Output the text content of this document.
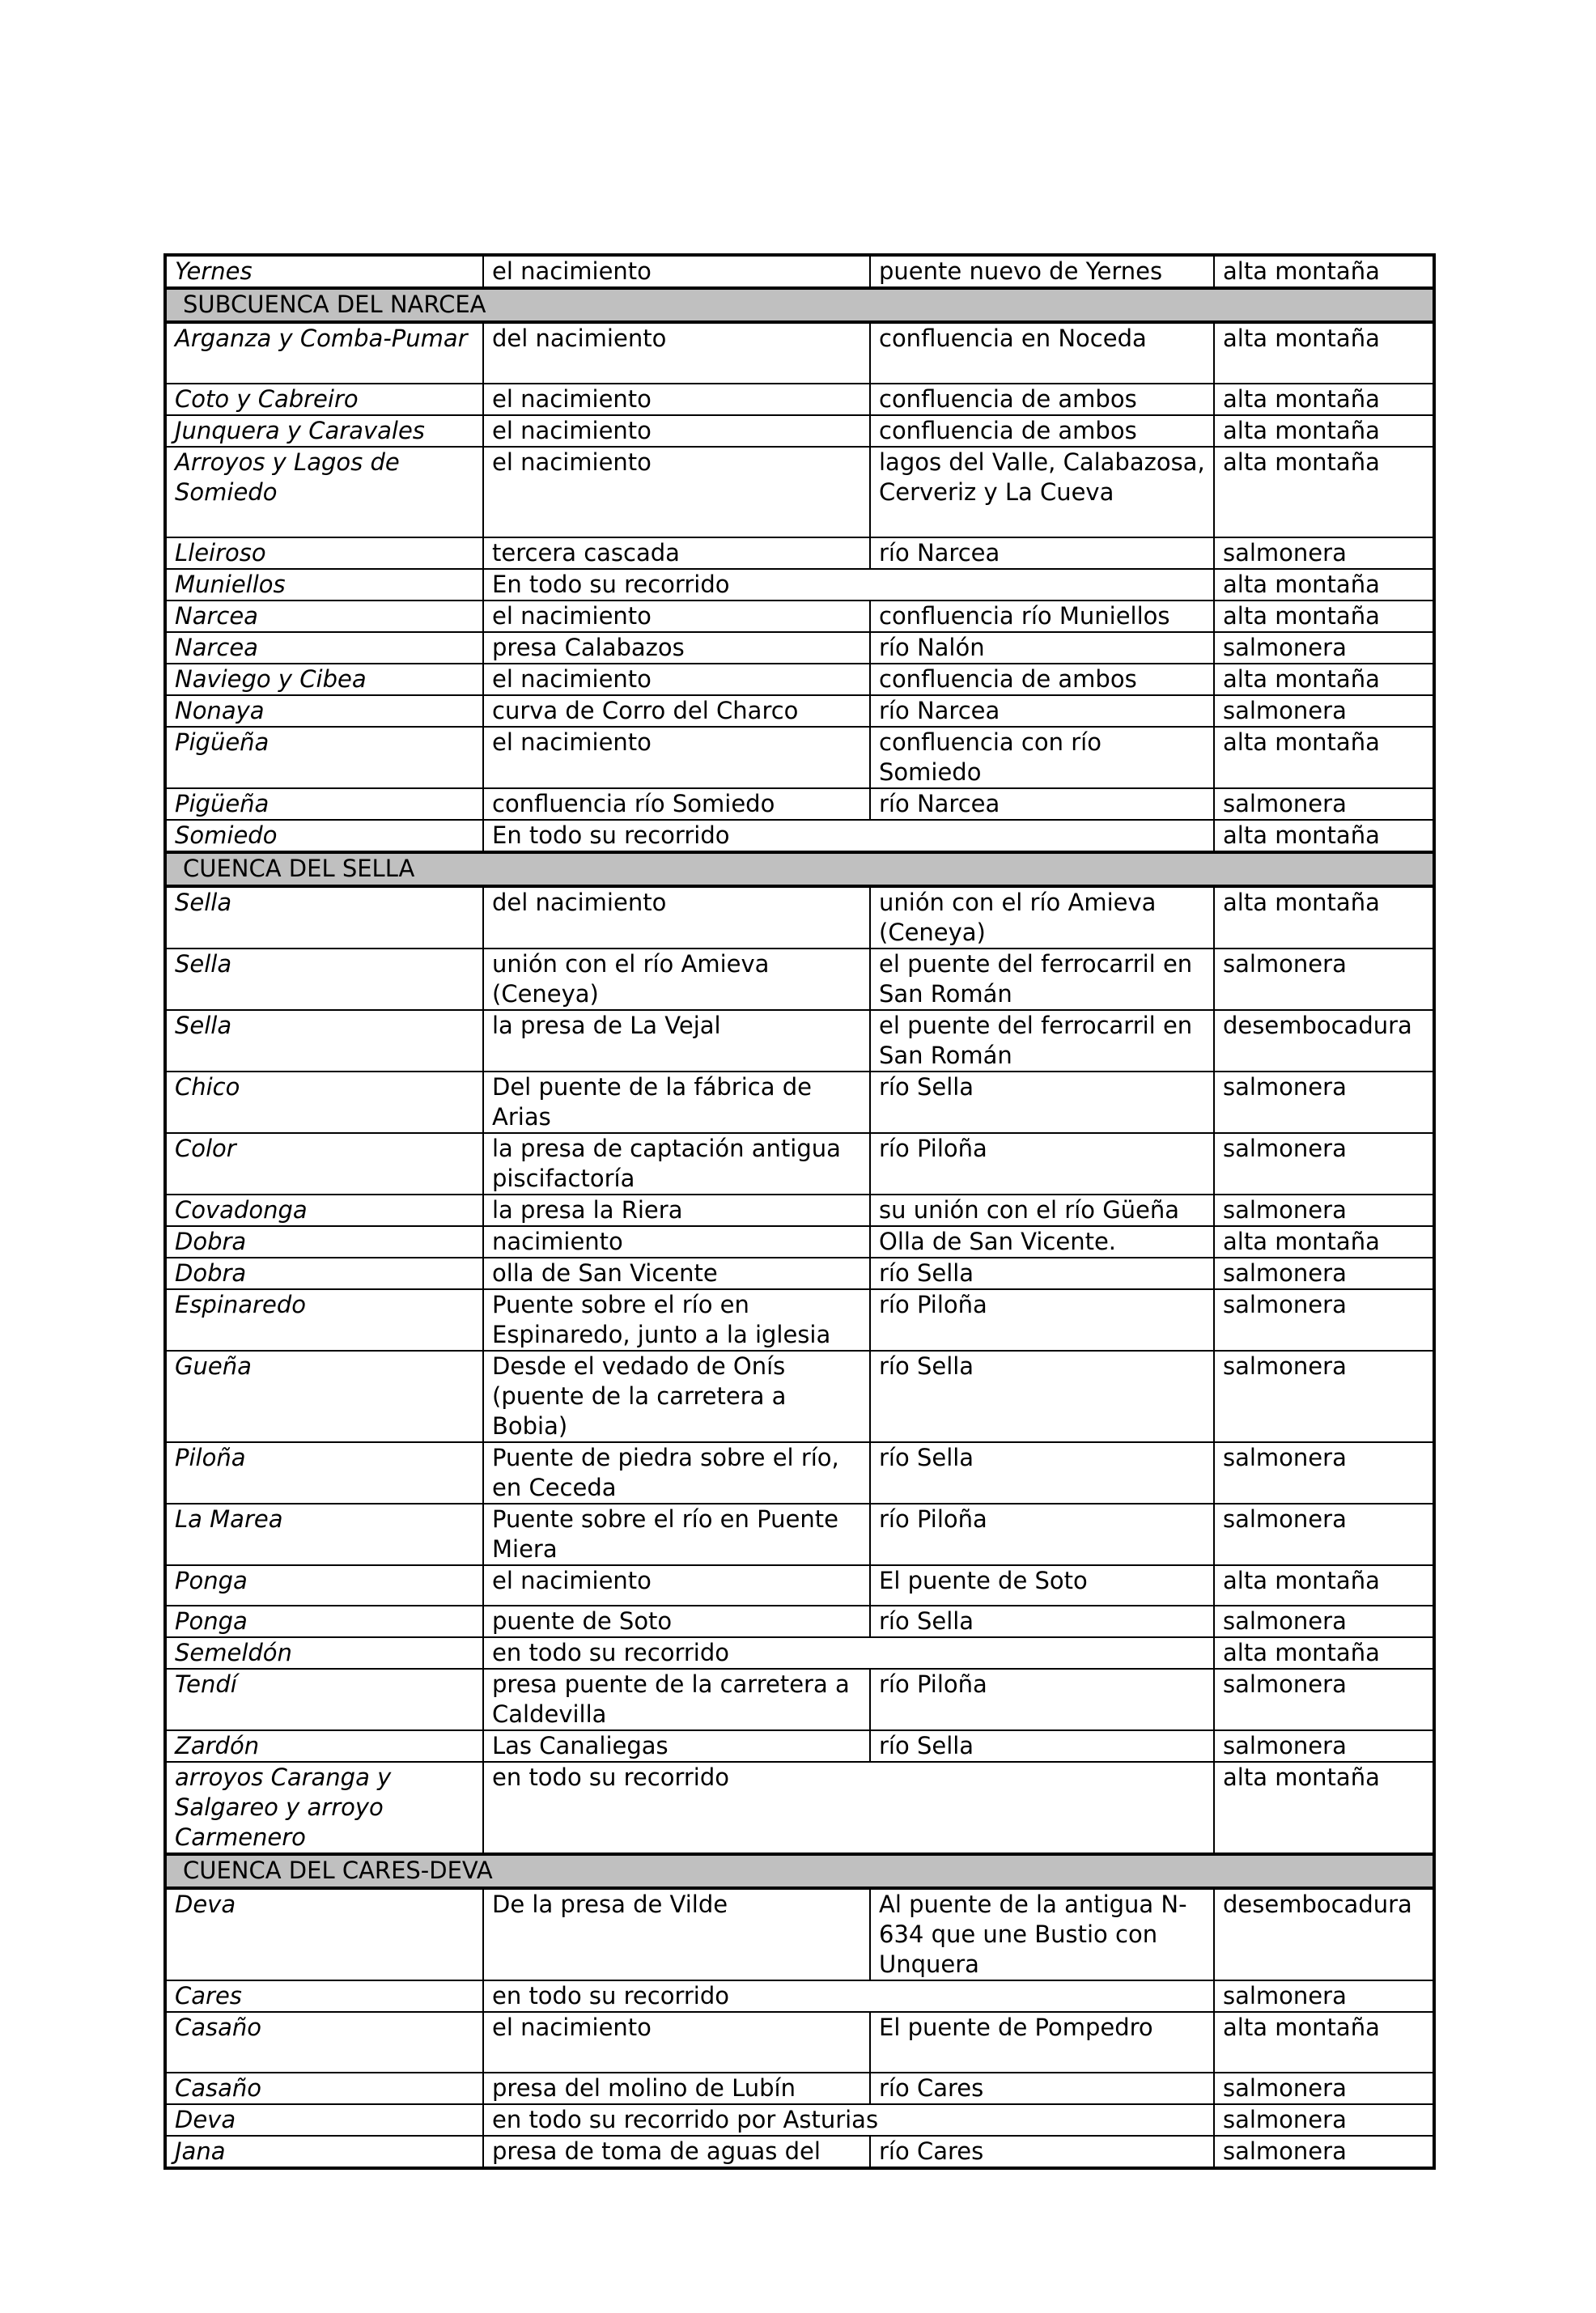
Yernes	el nacimiento	puente nuevo de Yernes	alta montaña
SUBCUENCA DEL NARCEA			
Arganza y Comba-Pumar	del nacimiento	confluencia en Noceda	alta montaña
Coto y Cabreiro	el nacimiento	confluencia de ambos	alta montaña
Junquera y Caravales	el nacimiento	confluencia de ambos	alta montaña
Arroyos y Lagos de Somiedo	el nacimiento	lagos del Valle, Calabazosa, Cerveriz y La Cueva	alta montaña
Lleiroso	tercera cascada	río Narcea	salmonera
Muniellos	En todo su recorrido		alta montaña
Narcea	el nacimiento	confluencia río Muniellos	alta montaña
Narcea	presa Calabazos	río Nalón	salmonera
Naviego y Cibea	el nacimiento	confluencia de ambos	alta montaña
Nonaya	curva de Corro del Charco	río Narcea	salmonera
Pigüeña	el nacimiento	confluencia con río Somiedo	alta montaña
Pigüeña	confluencia río Somiedo	río Narcea	salmonera
Somiedo	En todo su recorrido		alta montaña
CUENCA DEL SELLA			
Sella	del nacimiento	unión con el río Amieva (Ceneya)	alta montaña
Sella	unión con el río Amieva (Ceneya)	el puente del ferrocarril en San Román	salmonera
Sella	la presa de La Vejal	el puente del ferrocarril en San Román	desembocadura
Chico	Del puente de la fábrica de Arias	río Sella	salmonera
Color	la presa de captación antigua piscifactoría	río Piloña	salmonera
Covadonga	la presa la Riera	su unión con el río Güeña	salmonera
Dobra	nacimiento	Olla de San Vicente.	alta montaña
Dobra	olla de San Vicente	río Sella	salmonera
Espinaredo	Puente sobre el río en Espinaredo, junto a la iglesia	río Piloña	salmonera
Gueña	Desde el vedado de Onís (puente de la carretera a Bobia)	río Sella	salmonera
Piloña	Puente de piedra sobre el río, en Ceceda	río Sella	salmonera
La Marea	Puente sobre el río en Puente Miera	río Piloña	salmonera
Ponga	el nacimiento	El puente de Soto	alta montaña
Ponga	puente de Soto	río Sella	salmonera
Semeldón	en todo su recorrido		alta montaña
Tendí	presa puente de la carretera a Caldevilla	río Piloña	salmonera
Zardón	Las Canaliegas	río Sella	salmonera
arroyos Caranga y Salgareo y arroyo Carmenero	en todo su recorrido		alta montaña
CUENCA DEL CARES-DEVA			
Deva	De la presa de Vilde	Al puente de la antigua N-634 que une Bustio con Unquera	desembocadura
Cares	en todo su recorrido		salmonera
Casaño	el nacimiento	El puente de Pompedro	alta montaña
Casaño	presa del molino de Lubín	río Cares	salmonera
Deva	en todo su recorrido por Asturias		salmonera
Jana	presa de toma de aguas del	río Cares	salmonera
